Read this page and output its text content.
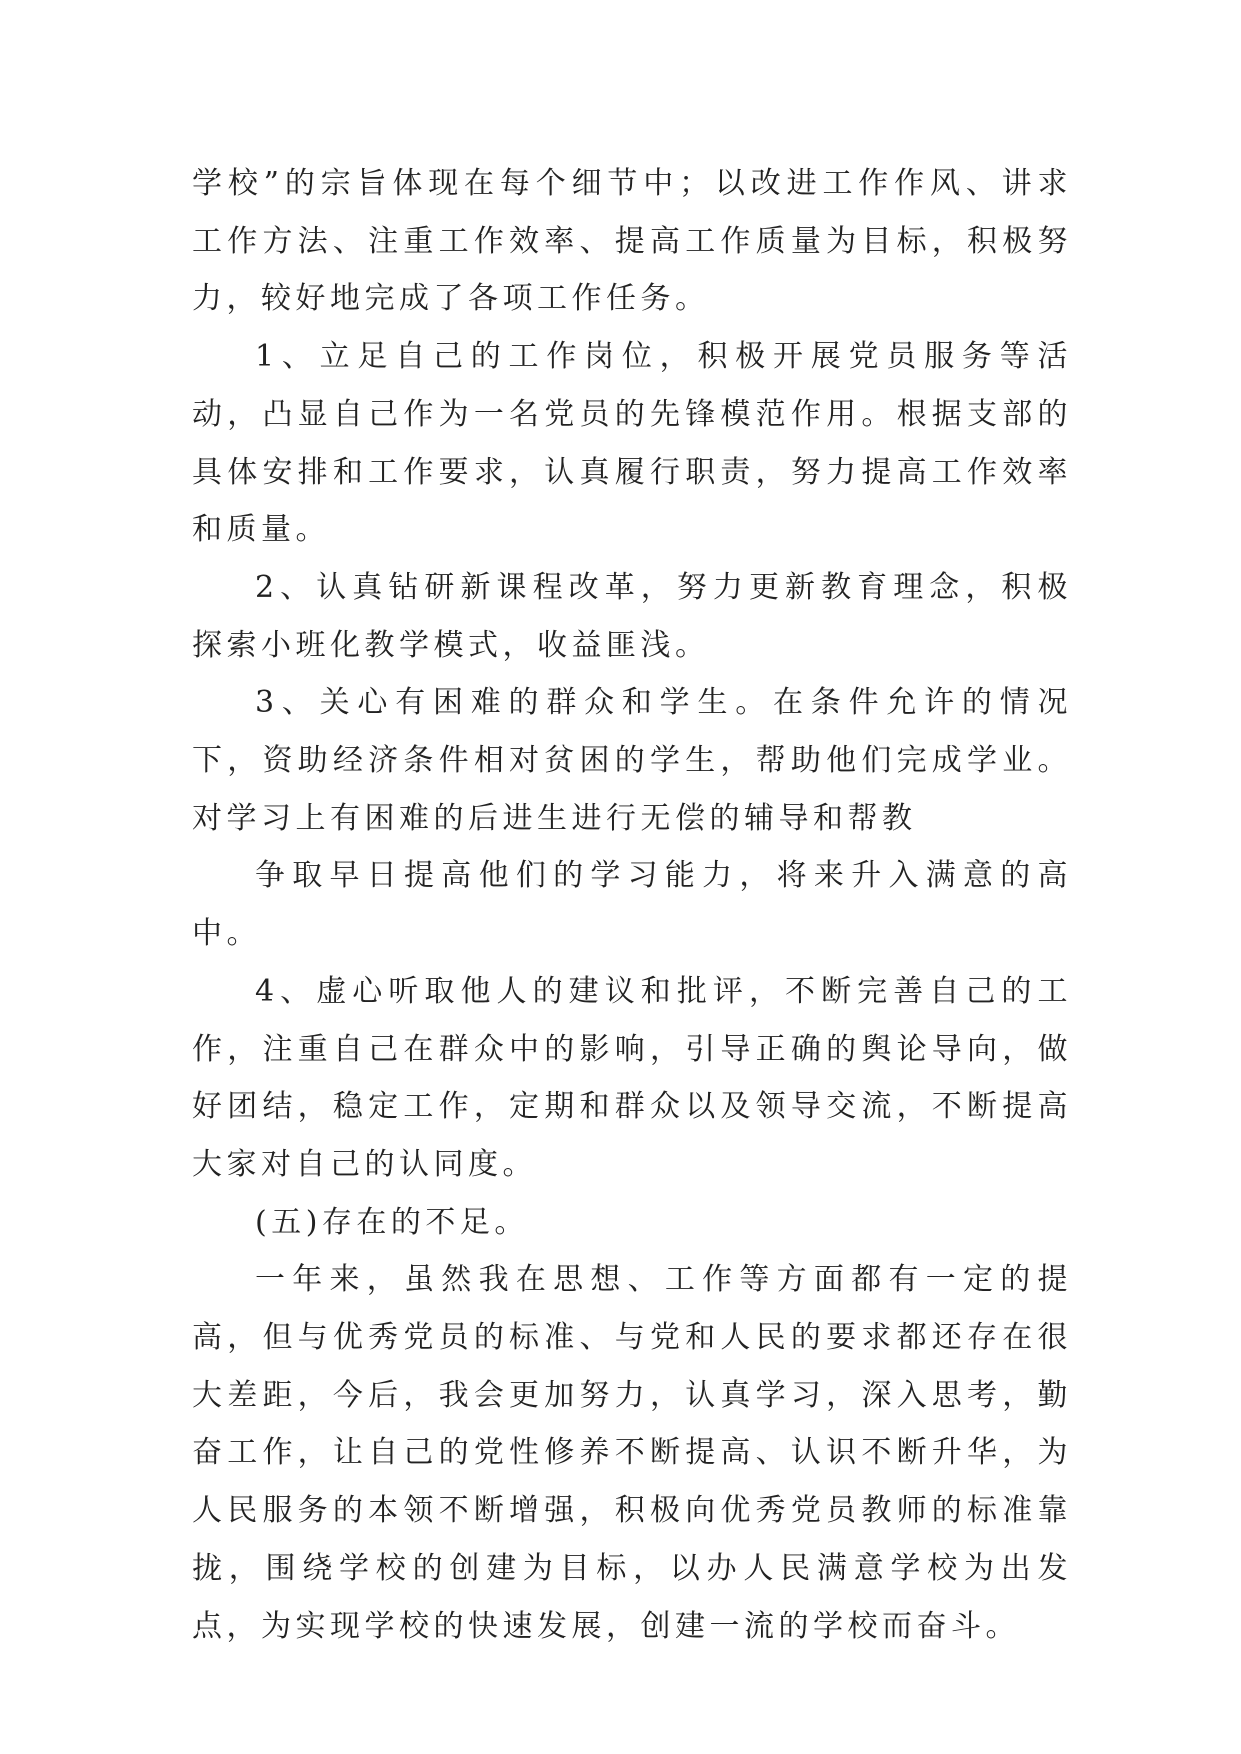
学校”的宗旨体现在每个细节中；以改进工作作风、讲求工作方法、注重工作效率、提高工作质量为目标，积极努力，较好地完成了各项工作任务。

1、立足自己的工作岗位，积极开展党员服务等活动，凸显自己作为一名党员的先锋模范作用。根据支部的具体安排和工作要求，认真履行职责，努力提高工作效率和质量。

2、认真钻研新课程改革，努力更新教育理念，积极探索小班化教学模式，收益匪浅。

3、关心有困难的群众和学生。在条件允许的情况下，资助经济条件相对贫困的学生，帮助他们完成学业。对学习上有困难的后进生进行无偿的辅导和帮教

争取早日提高他们的学习能力，将来升入满意的高中。

4、虚心听取他人的建议和批评，不断完善自己的工作，注重自己在群众中的影响，引导正确的舆论导向，做好团结，稳定工作，定期和群众以及领导交流，不断提高大家对自己的认同度。

(五)存在的不足。

一年来，虽然我在思想、工作等方面都有一定的提高，但与优秀党员的标准、与党和人民的要求都还存在很大差距，今后，我会更加努力，认真学习，深入思考，勤奋工作，让自己的党性修养不断提高、认识不断升华，为人民服务的本领不断增强，积极向优秀党员教师的标准靠拢，围绕学校的创建为目标，以办人民满意学校为出发点，为实现学校的快速发展，创建一流的学校而奋斗。
